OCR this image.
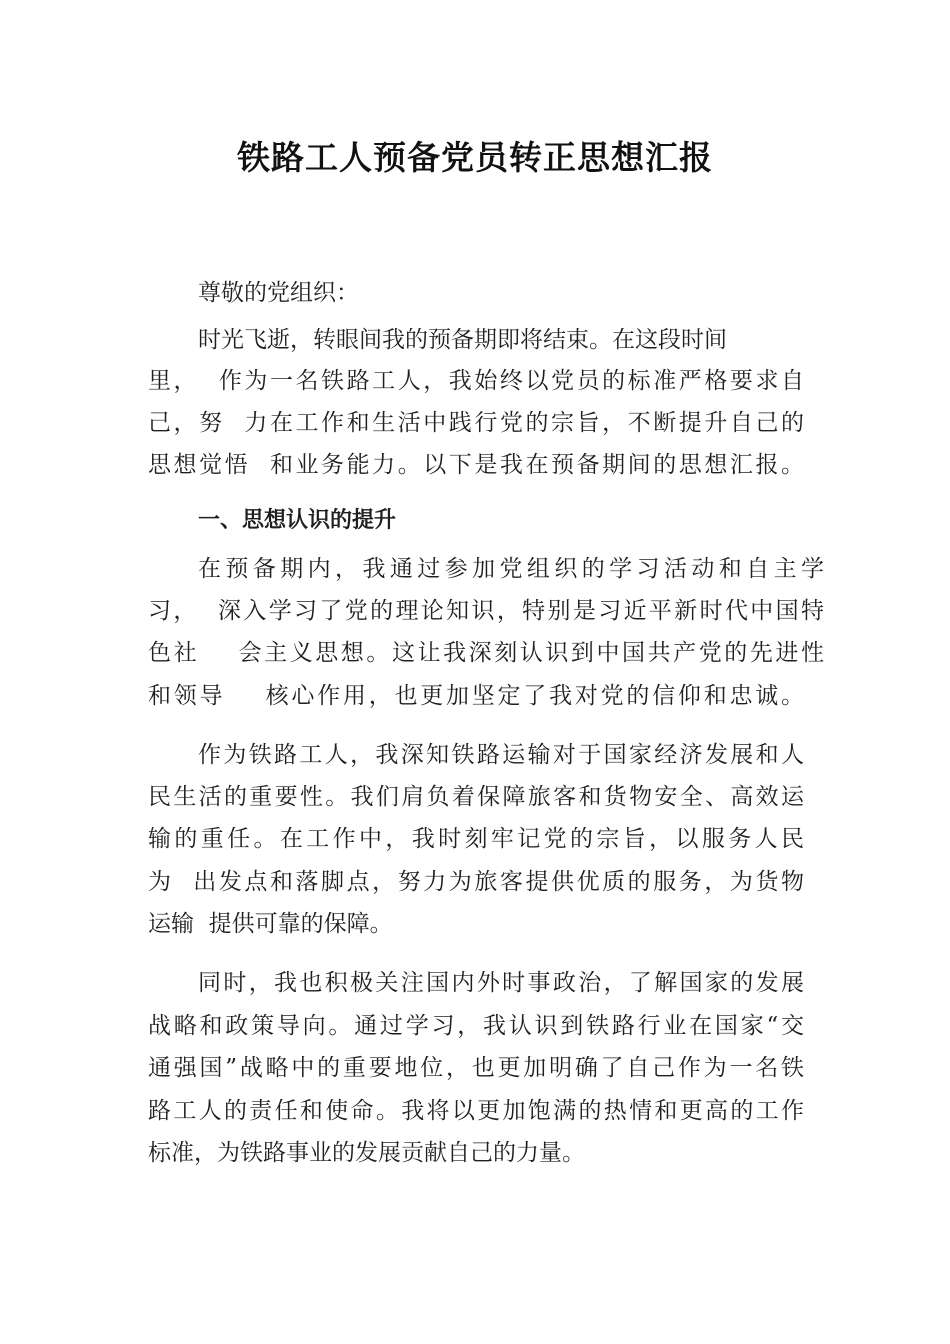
铁路工人预备党员转正思想汇报
尊敬的党组织：
时光飞逝，转眼间我的预备期即将结束。在这段时间
里，  作为一名铁路工人，我始终以党员的标准严格要求自
己，努  力在工作和生活中践行党的宗旨，不断提升自己的
思想觉悟  和业务能力。以下是我在预备期间的思想汇报。
一、思想认识的提升
在预备期内，我通过参加党组织的学习活动和自主学
习，  深入学习了党的理论知识，特别是习近平新时代中国特
色社    会主义思想。这让我深刻认识到中国共产党的先进性
和领导    核心作用，也更加坚定了我对党的信仰和忠诚。
作为铁路工人，我深知铁路运输对于国家经济发展和人
民生活的重要性。我们肩负着保障旅客和货物安全、高效运
输的重任。在工作中，我时刻牢记党的宗旨，以服务人民
为  出发点和落脚点，努力为旅客提供优质的服务，为货物
运输  提供可靠的保障。
同时，我也积极关注国内外时事政治，了解国家的发展
战略和政策导向。通过学习，我认识到铁路行业在国家“交
通强国”战略中的重要地位，也更加明确了自己作为一名铁
路工人的责任和使命。我将以更加饱满的热情和更高的工作
标准，为铁路事业的发展贡献自己的力量。
